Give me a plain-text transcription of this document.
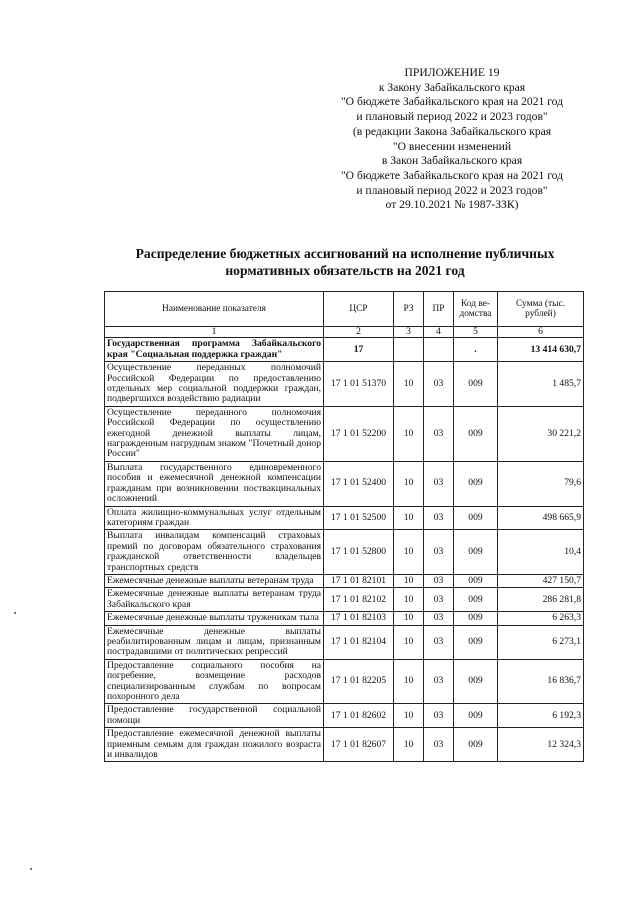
ПРИЛОЖЕНИЕ 19
к Закону Забайкальского края
"О бюджете Забайкальского края на 2021 год
и плановый период 2022 и 2023 годов"
(в редакции Закона Забайкальского края
"О внесении изменений
в Закон Забайкальского края
"О бюджете Забайкальского края на 2021 год
и плановый период 2022 и 2023 годов"
от 29.10.2021 № 1987-ЗЗК)
Распределение бюджетных ассигнований на исполнение публичных
нормативных обязательств на 2021 год
Наименование показателя	ЦСР	РЗ	ПР	Код ве-домства	Сумма (тыс. рублей)
1	2	3	4	5	6
Государственная программа Забайкальского края "Социальная поддержка граждан"	17			.	13 414 630,7
Осуществление переданных полномочий Российской Федерации по предоставлению отдельных мер социальной поддержки граждан, подвергшихся воздействию радиации	17 1 01 51370	10	03	009	1 485,7
Осуществление переданного полномочия Российской Федерации по осуществлению ежегодной денежной выплаты лицам, награжденным нагрудным знаком "Почетный донор России"	17 1 01 52200	10	03	009	30 221,2
Выплата государственного единовременного пособия и ежемесячной денежной компенсации гражданам при возникновении поствакцинальных осложнений	17 1 01 52400	10	03	009	79,6
Оплата жилищно-коммунальных услуг отдельным категориям граждан	17 1 01 52500	10	03	009	498 665,9
Выплата инвалидам компенсаций страховых премий по договорам обязательного страхования гражданской ответственности владельцев транспортных средств	17 1 01 52800	10	03	009	10,4
Ежемесячные денежные выплаты ветеранам труда	17 1 01 82101	10	03	009	427 150,7
Ежемесячные денежные выплаты ветеранам труда Забайкальского края	17 1 01 82102	10	03	009	286 281,8
Ежемесячные денежные выплаты труженикам тыла	17 1 01 82103	10	03	009	6 263,3
Ежемесячные денежные выплаты реабилитированным лицам и лицам, признанным пострадавшими от политических репрессий	17 1 01 82104	10	03	009	6 273,1
Предоставление социального пособия на погребение, возмещение расходов специализированным службам по вопросам похоронного дела	17 1 01 82205	10	03	009	16 836,7
Предоставление государственной социальной помощи	17 1 01 82602	10	03	009	6 192,3
Предоставление ежемесячной денежной выплаты приемным семьям для граждан пожилого возраста и инвалидов	17 1 01 82607	10	03	009	12 324,3
